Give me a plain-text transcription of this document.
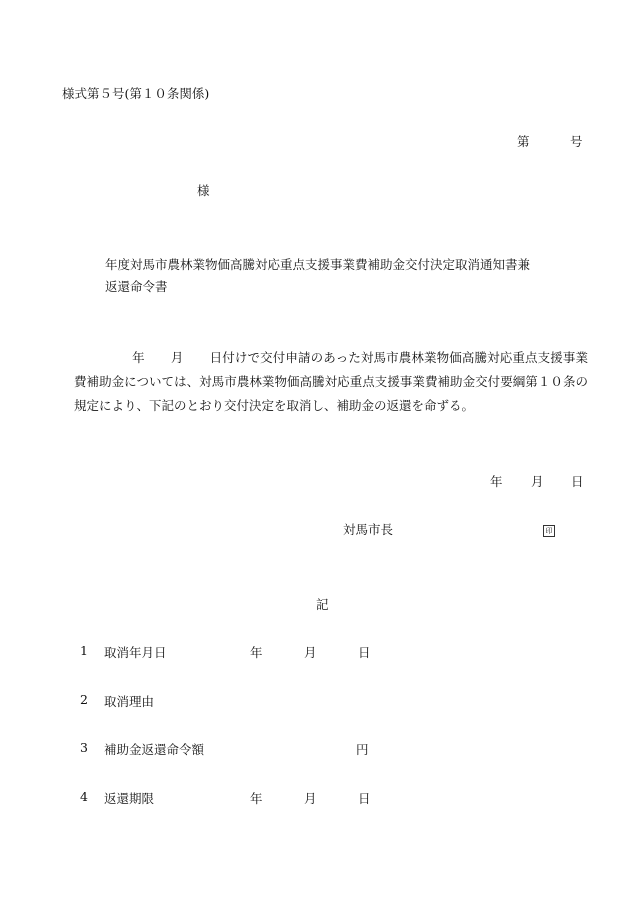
様式第５号(第１０条関係)
第	号
様
年度対馬市農林業物価高騰対応重点支援事業費補助金交付決定取消通知書兼
返還命令書
年 月 日付けで交付申請のあった対馬市農林業物価高騰対応重点支援事業費補助金については、対馬市農林業物価高騰対応重点支援事業費補助金交付要綱第１０条の規定により、下記のとおり交付決定を取消し、補助金の返還を命ずる。
年 月 日
対馬市長	印
記
1 取消年月日	年	月	日
2 取消理由
3 補助金返還命令額	円
4 返還期限	年	月	日
